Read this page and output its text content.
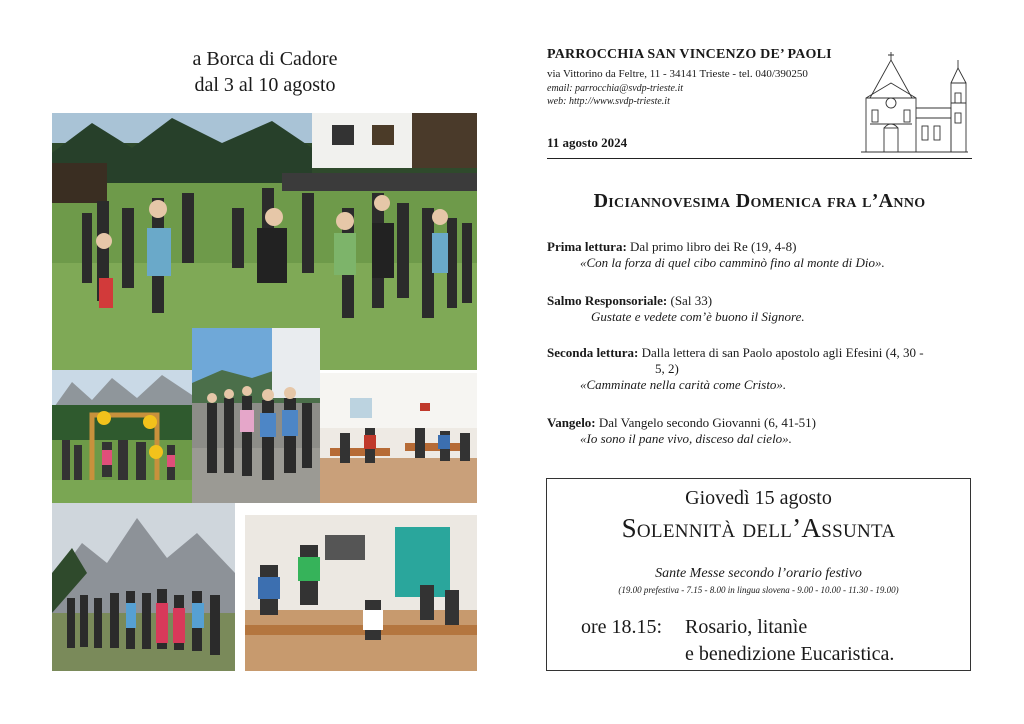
a Borca di Cadore
dal 3 al 10 agosto
PARROCCHIA SAN VINCENZO DE’ PAOLI
via Vittorino da Feltre, 11 - 34141 Trieste - tel. 040/390250
email: parrocchia@svdp-trieste.it
web: http://www.svdp-trieste.it
11 agosto 2024
Diciannovesima Domenica fra l’Anno
Prima lettura: Dal primo libro dei Re (19, 4-8)
«Con la forza di quel cibo camminò fino al monte di Dio».
Salmo Responsoriale: (Sal 33)
Gustate e vedete com’è buono il Signore.
Seconda lettura: Dalla lettera di san Paolo apostolo agli Efesini (4, 30 -
5, 2)
«Camminate nella carità come Cristo».
Vangelo: Dal Vangelo secondo Giovanni (6, 41-51)
«Io sono il pane vivo, disceso dal cielo».
Giovedì 15 agosto
Solennità dell’Assunta
Sante Messe secondo l’orario festivo
(19.00 prefestiva - 7.15 - 8.00 in lingua slovena - 9.00 - 10.00 - 11.30 - 19.00)
ore 18.15: Rosario, litanìe
e benedizione Eucaristica.
